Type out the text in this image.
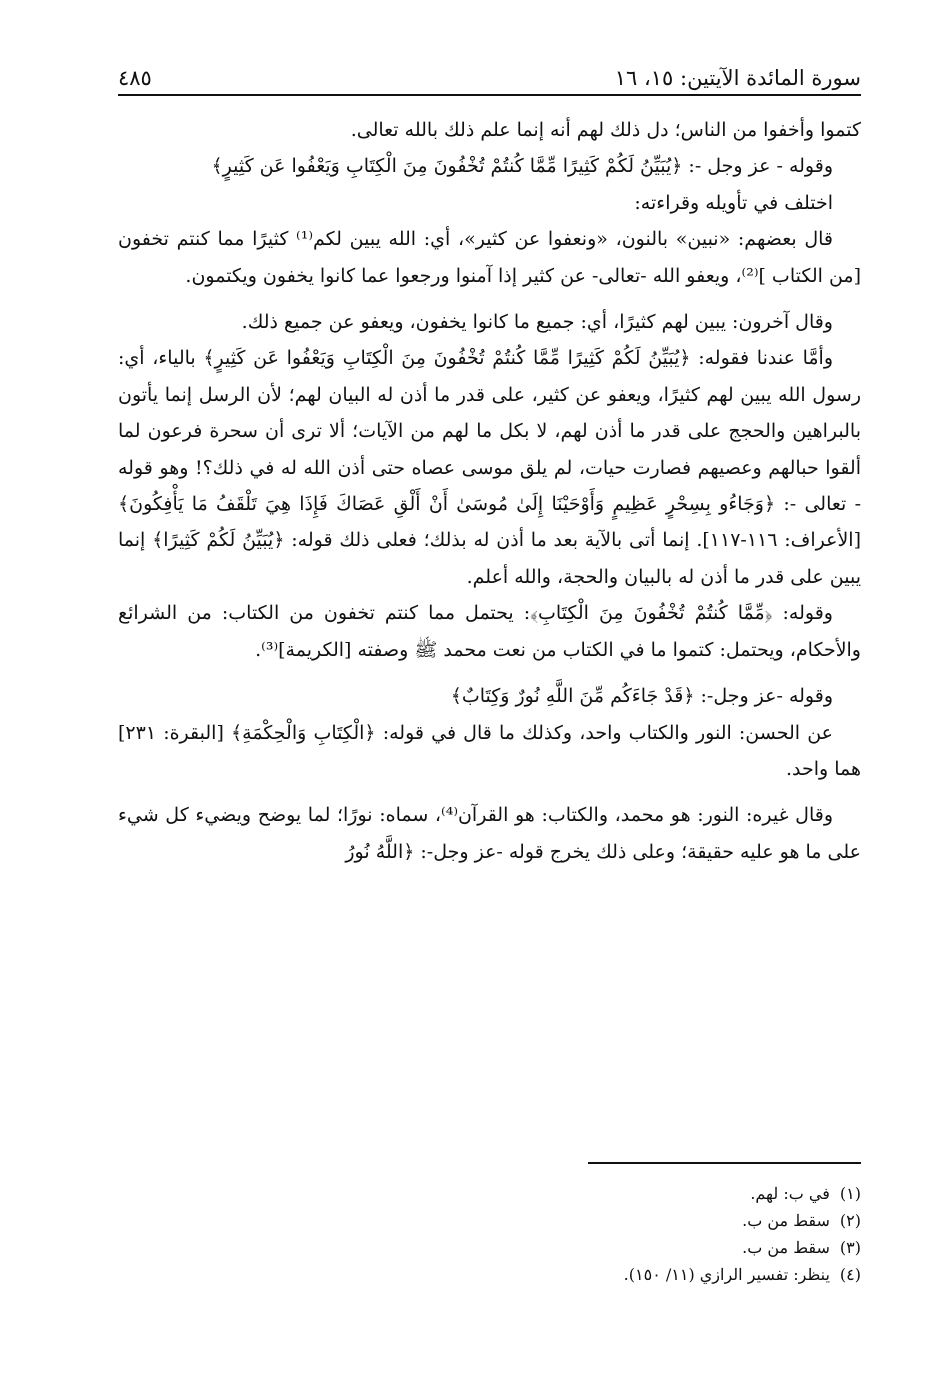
سورة المائدة الآيتين: ١٥، ١٦
٤٨٥

كتموا وأخفوا من الناس؛ دل ذلك لهم أنه إنما علم ذلك بالله تعالى.

وقوله - عز وجل -: ﴿يُبَيِّنُ لَكُمْ كَثِيرًا مِّمَّا كُنتُمْ تُخْفُونَ مِنَ الْكِتَابِ وَيَعْفُوا عَن كَثِيرٍ﴾

اختلف في تأويله وقراءته:

قال بعضهم: «نبين» بالنون، «ونعفوا عن كثير»، أي: الله يبين لكم⁽¹⁾ كثيرًا مما كنتم تخفون [من الكتاب ]⁽²⁾، ويعفو الله -تعالى- عن كثير إذا آمنوا ورجعوا عما كانوا يخفون ويكتمون.

وقال آخرون: يبين لهم كثيرًا، أي: جميع ما كانوا يخفون، ويعفو عن جميع ذلك.

وأمَّا عندنا فقوله: ﴿يُبَيِّنُ لَكُمْ كَثِيرًا مِّمَّا كُنتُمْ تُخْفُونَ مِنَ الْكِتَابِ وَيَعْفُوا عَن كَثِيرٍ﴾ بالياء، أي: رسول الله يبين لهم كثيرًا، ويعفو عن كثير، على قدر ما أذن له البيان لهم؛ لأن الرسل إنما يأتون بالبراهين والحجج على قدر ما أذن لهم، لا بكل ما لهم من الآيات؛ ألا ترى أن سحرة فرعون لما ألقوا حبالهم وعصيهم فصارت حيات، لم يلق موسى عصاه حتى أذن الله له في ذلك؟! وهو قوله - تعالى -: ﴿وَجَاءُو بِسِحْرٍ عَظِيمٍ وَأَوْحَيْنَا إِلَىٰ مُوسَىٰ أَنْ أَلْقِ عَصَاكَ فَإِذَا هِيَ تَلْقَفُ مَا يَأْفِكُونَ﴾ [الأعراف: ١١٦-١١٧]. إنما أتى بالآية بعد ما أذن له بذلك؛ فعلى ذلك قوله: ﴿يُبَيِّنُ لَكُمْ كَثِيرًا﴾ إنما يبين على قدر ما أذن له بالبيان والحجة، والله أعلم.

وقوله: ﴿مِّمَّا كُنتُمْ تُخْفُونَ مِنَ الْكِتَابِ﴾: يحتمل مما كنتم تخفون من الكتاب: من الشرائع والأحكام، ويحتمل: كتموا ما في الكتاب من نعت محمد ﷺ وصفته [الكريمة]⁽³⁾.

وقوله -عز وجل-: ﴿قَدْ جَاءَكُم مِّنَ اللَّهِ نُورٌ وَكِتَابٌ﴾

عن الحسن: النور والكتاب واحد، وكذلك ما قال في قوله: ﴿الْكِتَابِ وَالْحِكْمَةِ﴾ [البقرة: ٢٣١] هما واحد.

وقال غيره: النور: هو محمد، والكتاب: هو القرآن⁽⁴⁾، سماه: نورًا؛ لما يوضح ويضيء كل شيء على ما هو عليه حقيقة؛ وعلى ذلك يخرج قوله -عز وجل-: ﴿اللَّهُ نُورُ

(١)في ب: لهم.
(٢)سقط من ب.
(٣)سقط من ب.
(٤)ينظر: تفسير الرازي (١١/ ١٥٠).
